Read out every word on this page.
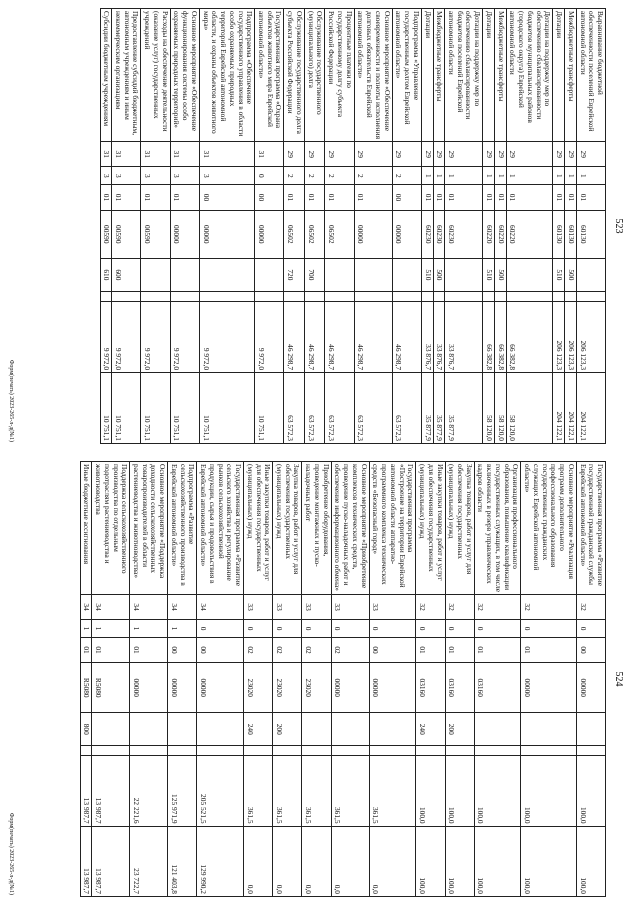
523
Выравнивание бюджетной обеспеченности поселений Еврейской автономной области	29	1	01	60130			206 123,3	204 122,1
Межбюджетные трансферты	29	1	01	60130	500		206 123,3	204 122,1
Дотации	29	1	01	60130	510		206 123,3	204 122,1
Дотации на поддержку мер по обеспечению сбалансированности бюджетов муниципальных районов (городского округа) Еврейской автономной области	29	1	01	60220			66 382,8	58 120,0
Межбюджетные трансферты	29	1	01	60220	500		66 382,8	58 120,0
Дотации	29	1	01	60220	510		66 382,8	58 120,0
Дотации на поддержку мер по обеспечению сбалансированности бюджетов поселений Еврейской автономной области	29	1	01	60230			33 876,7	35 877,9
Межбюджетные трансферты	29	1	01	60230	500		33 876,7	35 877,9
Дотации	29	1	01	60230	510		33 876,7	35 877,9
Подпрограмма «Управление государственным долгом Еврейской автономной области»	29	2	00	00000			46 298,7	63 572,3
Основное мероприятие «Обеспечение своевременности и полноты исполнения долговых обязательств Еврейской автономной области»	29	2	01	00000			46 298,7	63 572,3
Процентные платежи по государственному долгу субъекта Российской Федерации	29	2	01	06502			46 298,7	63 572,3
Обслуживание государственного (муниципального) долга	29	2	01	06502	700		46 298,7	63 572,3
Обслуживание государственного долга субъекта Российской Федерации	29	2	01	06502	720		46 298,7	63 572,3
Государственная программа «Охрана объектов животного мира Еврейской автономной области»	31	0	00	00000			9 972,0	10 751,1
Подпрограмма «Обеспечение государственного управления в области особо охраняемых природных территорий Еврейской автономной области, и охраны объектов животного мира»	31	3	00	00000			9 972,0	10 751,1
Основное мероприятие «Обеспечение функционирования системы особо охраняемых природных территорий»	31	3	01	00000			9 972,0	10 751,1
Расходы на обеспечение деятельности (оказание услуг) государственных учреждений	31	3	01	00590			9 972,0	10 751,1
Предоставление субсидий бюджетным, автономным учреждениям и иным некоммерческим организациям	31	3	01	00590	600		9 972,0	10 751,1
Субсидии бюджетным учреждениям	31	3	01	00590	610		9 972,0	10 751,1
Форм(печать) 2023-265-л-д(№1)
524
Государственная программа «Развитие государственной гражданской службы Еврейской автономной области»	32	0	00	00000			100,0	100,0
Основное мероприятие «Реализация программ дополнительного профессионального образования государственных гражданских служащих Еврейской автономной области»	32	0	01	00000			100,0	100,0
Организация профессионального образования, повышение квалификации государственных служащих, в том числе включенных в резерв управленческих кадров области	32	0	01	03160			100,0	100,0
Закупка товаров, работ и услуг для обеспечения государственных (муниципальных) нужд	32	0	01	03160	200		100,0	100,0
Иные закупки товаров, работ и услуг для обеспечения государственных (муниципальных) нужд	32	0	01	03160	240		100,0	100,0
Государственная программа «Построение на территории Еврейской автономной области аппаратно-программного комплекса технических средств «Безопасный город»	33	0	00	00000			361,5	0,0
Основное мероприятие «Приобретение комплексов технических средств, проведение пуско-наладочных работ и обеспечение информационного обмена»	33	0	02	00000			361,5	0,0
Приобретение оборудования, проведение монтажных и пуско-наладочных работ	33	0	02	23020			361,5	0,0
Закупка товаров, работ и услуг для обеспечения государственных (муниципальных) нужд	33	0	02	23020	200		361,5	0,0
Иные закупки товаров, работ и услуг для обеспечения государственных (муниципальных) нужд	33	0	02	23020	240		361,5	0,0
Государственная программа «Развитие сельского хозяйства и регулирование рынков сельскохозяйственной продукции, сырья и продовольствия в Еврейской автономной области»	34	0	00	00000			205 521,5	129 990,2
Подпрограмма «Развитие сельскохозяйственного производства в Еврейской автономной области»	34	1	00	00000			125 971,9	121 403,8
Основное мероприятие «Поддержка доходности сельскохозяйственных товаропроизводителей в области растениеводства и животноводства»	34	1	01	00000			22 221,6	23 722,7
Поддержка сельскохозяйственного производства по отдельным подотраслям растениеводства и животноводства	34	1	01	R5080			13 987,7	13 987,7
Иные бюджетные ассигнования	34	1	01	R5080	800		13 987,7	13 987,7
Форм(печать) 2023-265-л-д(№1)
